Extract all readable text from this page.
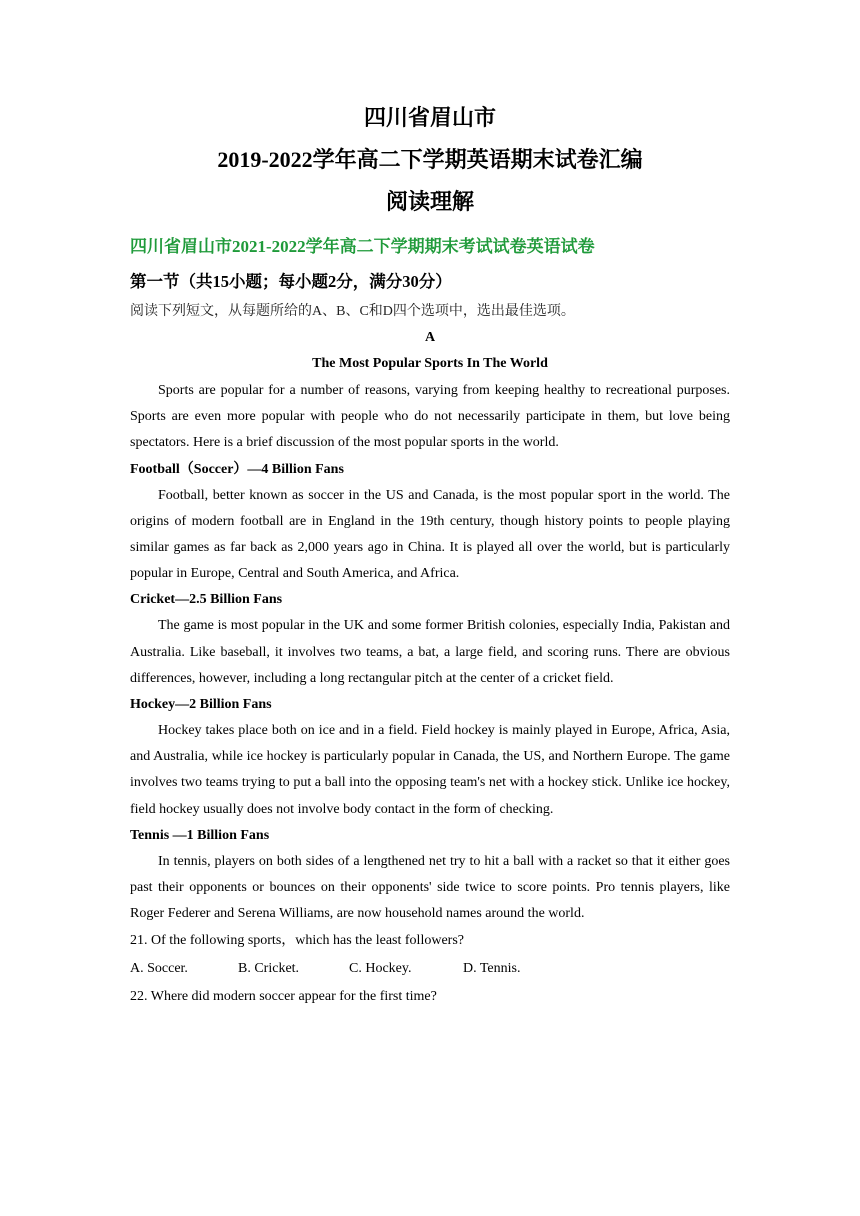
四川省眉山市
2019-2022学年高二下学期英语期末试卷汇编
阅读理解
四川省眉山市2021-2022学年高二下学期期末考试试卷英语试卷
第一节（共15小题；每小题2分，满分30分）
阅读下列短文，从每题所给的A、B、C和D四个选项中，选出最佳选项。
A
The Most Popular Sports In The World

Sports are popular for a number of reasons, varying from keeping healthy to recreational purposes. Sports are even more popular with people who do not necessarily participate in them, but love being spectators. Here is a brief discussion of the most popular sports in the world.

Football（Soccer）—4 Billion Fans

Football, better known as soccer in the US and Canada, is the most popular sport in the world. The origins of modern football are in England in the 19th century, though history points to people playing similar games as far back as 2,000 years ago in China. It is played all over the world, but is particularly popular in Europe, Central and South America, and Africa.

Cricket—2.5 Billion Fans

The game is most popular in the UK and some former British colonies, especially India, Pakistan and Australia. Like baseball, it involves two teams, a bat, a large field, and scoring runs. There are obvious differences, however, including a long rectangular pitch at the center of a cricket field.

Hockey—2 Billion Fans

Hockey takes place both on ice and in a field. Field hockey is mainly played in Europe, Africa, Asia, and Australia, while ice hockey is particularly popular in Canada, the US, and Northern Europe. The game involves two teams trying to put a ball into the opposing team's net with a hockey stick. Unlike ice hockey, field hockey usually does not involve body contact in the form of checking.

Tennis —1 Billion Fans

In tennis, players on both sides of a lengthened net try to hit a ball with a racket so that it either goes past their opponents or bounces on their opponents' side twice to score points. Pro tennis players, like Roger Federer and Serena Williams, are now household names around the world.

21. Of the following sports，which has the least followers?
A. Soccer.	B. Cricket.	C. Hockey.	D. Tennis.
22. Where did modern soccer appear for the first time?
